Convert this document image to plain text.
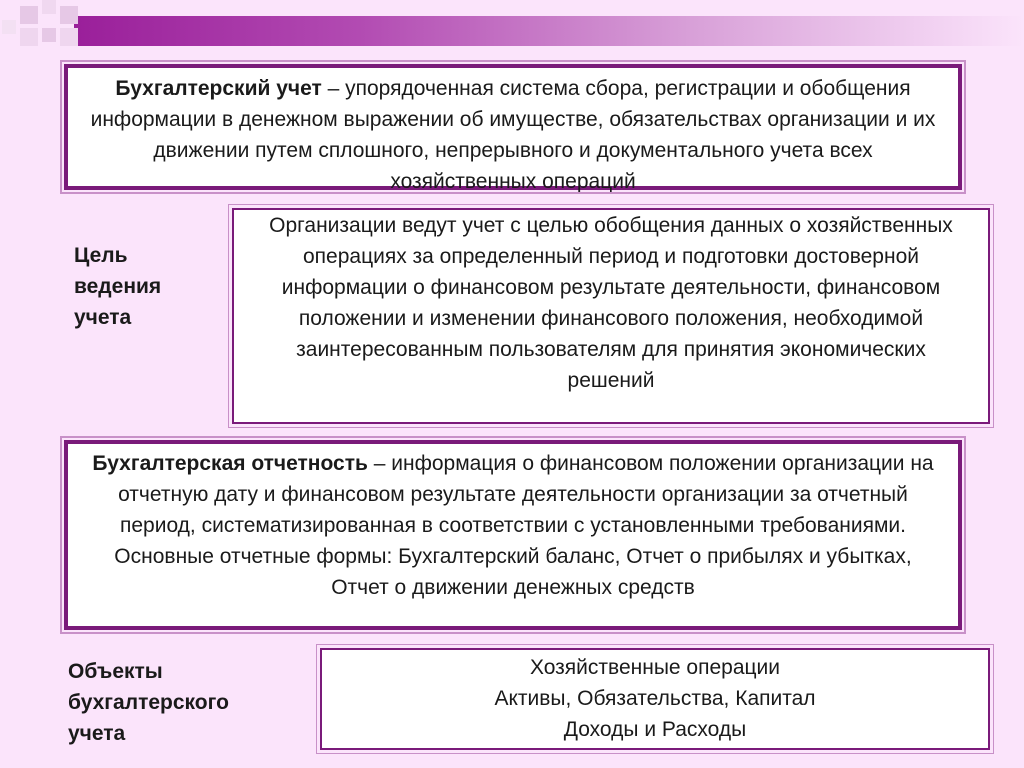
Бухгалтерский учет – упорядоченная система сбора, регистрации и обобщения информации в денежном выражении об имуществе, обязательствах организации и их движении путем сплошного, непрерывного и документального учета всех хозяйственных операций
Цель
ведения
учета
Организации ведут учет с целью обобщения данных о хозяйственных операциях за определенный период и подготовки достоверной информации о финансовом результате деятельности, финансовом положении и изменении финансового положения, необходимой заинтересованным пользователям для принятия экономических решений
Бухгалтерская отчетность – информация о финансовом положении организации на отчетную дату и финансовом результате деятельности организации за отчетный период, систематизированная в соответствии с установленными требованиями. Основные отчетные формы: Бухгалтерский баланс, Отчет о прибылях и убытках, Отчет о движении денежных средств
Объекты
бухгалтерского
учета
Хозяйственные операции
Активы, Обязательства, Капитал
Доходы и Расходы
